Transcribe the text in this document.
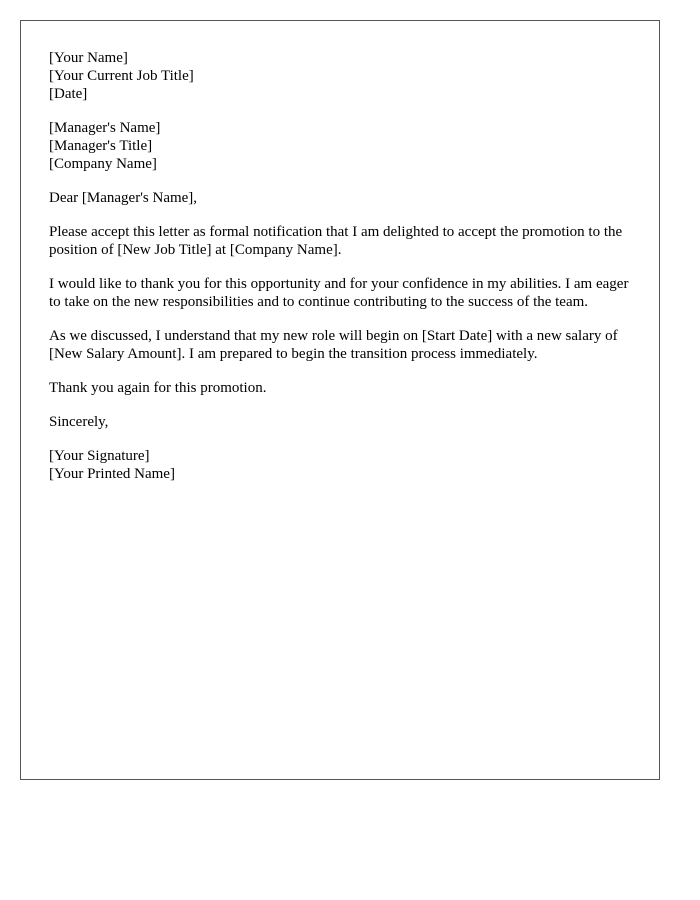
[Your Name]
[Your Current Job Title]
[Date]
[Manager's Name]
[Manager's Title]
[Company Name]

Dear [Manager's Name],

Please accept this letter as formal notification that I am delighted to accept the promotion to the position of [New Job Title] at [Company Name].

I would like to thank you for this opportunity and for your confidence in my abilities. I am eager to take on the new responsibilities and to continue contributing to the success of the team.

As we discussed, I understand that my new role will begin on [Start Date] with a new salary of [New Salary Amount]. I am prepared to begin the transition process immediately.

Thank you again for this promotion.

Sincerely,

[Your Signature]
[Your Printed Name]
